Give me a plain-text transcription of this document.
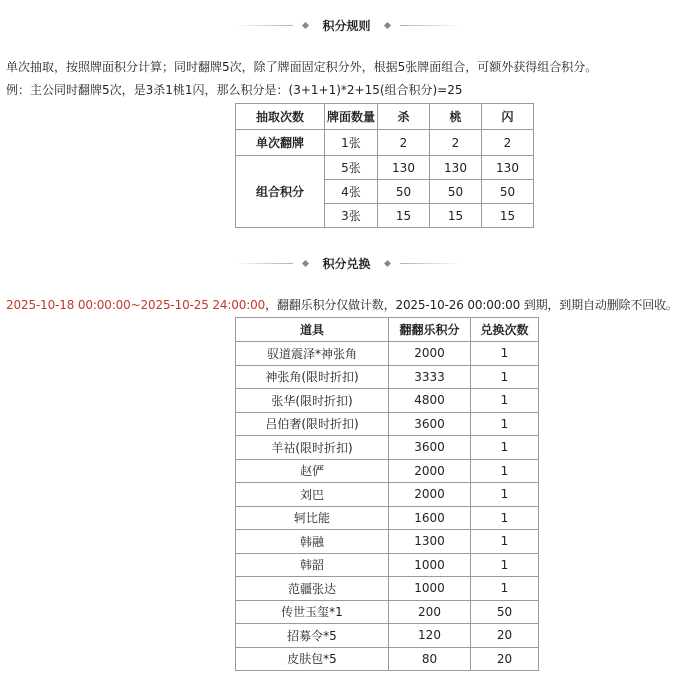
积分规则
单次抽取，按照牌面积分计算；同时翻牌5次，除了牌面固定积分外，根据5张牌面组合，可额外获得组合积分。
例：主公同时翻牌5次，是3杀1桃1闪，那么积分是：(3+1+1)*2+15(组合积分)=25
抽取次数	牌面数量	杀	桃	闪
单次翻牌	1张	2	2	2
组合积分	5张	130	130	130
	4张	50	50	50
	3张	15	15	15
积分兑换
2025-10-18 00:00:00~2025-10-25 24:00:00，翻翻乐积分仅做计数，2025-10-26 00:00:00 到期，到期自动删除不回收。
道具	翻翻乐积分	兑换次数
驭道震泽*神张角	2000	1
神张角(限时折扣)	3333	1
张华(限时折扣)	4800	1
吕伯奢(限时折扣)	3600	1
羊祜(限时折扣)	3600	1
赵俨	2000	1
刘巴	2000	1
轲比能	1600	1
韩融	1300	1
韩韶	1000	1
范疆张达	1000	1
传世玉玺*1	200	50
招募令*5	120	20
皮肤包*5	80	20
